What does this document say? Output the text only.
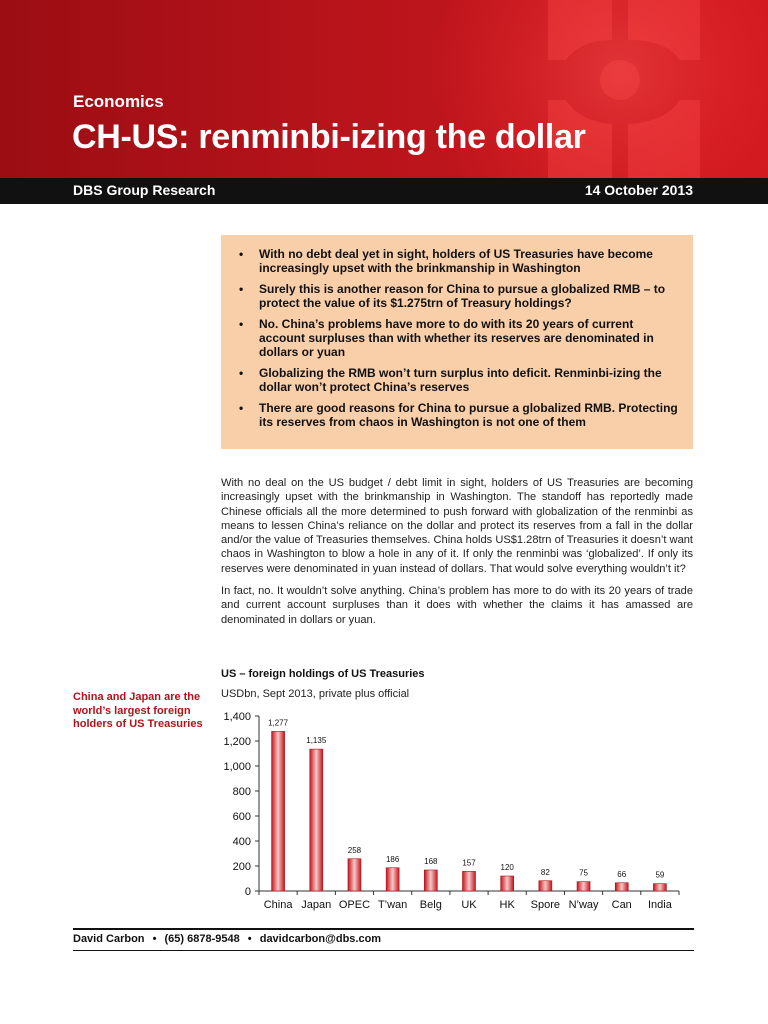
Economics
CH-US: renminbi-izing the dollar
DBS Group Research	14 October 2013
• With no debt deal yet in sight, holders of US Treasuries have become increasingly upset with the brinkmanship in Washington
• Surely this is another reason for China to pursue a globalized RMB – to protect the value of its $1.275trn of Treasury holdings?
• No. China’s problems have more to do with its 20 years of current account surpluses than with whether its reserves are denominated in dollars or yuan
• Globalizing the RMB won’t turn surplus into deficit. Renminbi-izing the dollar won’t protect China’s reserves
• There are good reasons for China to pursue a globalized RMB. Protecting its reserves from chaos in Washington is not one of them

With no deal on the US budget / debt limit in sight, holders of US Treasuries are becoming increasingly upset with the brinkmanship in Washington. The standoff has reportedly made Chinese officials all the more determined to push forward with globalization of the renminbi as means to lessen China’s reliance on the dollar and protect its reserves from a fall in the dollar and/or the value of Treasuries themselves. China holds US$1.28trn of Treasuries it doesn’t want chaos in Washington to blow a hole in any of it. If only the renminbi was ‘globalized’. If only its reserves were denominated in yuan instead of dollars. That would solve everything wouldn’t it?

In fact, no. It wouldn’t solve anything. China’s problem has more to do with its 20 years of trade and current account surpluses than it does with whether the claims it has amassed are denominated in dollars or yuan.

US – foreign holdings of US Treasuries
USDbn, Sept 2013, private plus official
China and Japan are the world’s largest foreign holders of US Treasuries
0
200
400
600
800
1,000
1,200
1,400 1,277
China
1,135
Japan
258
OPEC
186
T’wan
168
Belg
157
UK
120
HK
82
Spore
75
N’way
66
Can
59
India
David Carbon • (65) 6878-9548 • davidcarbon@dbs.com
